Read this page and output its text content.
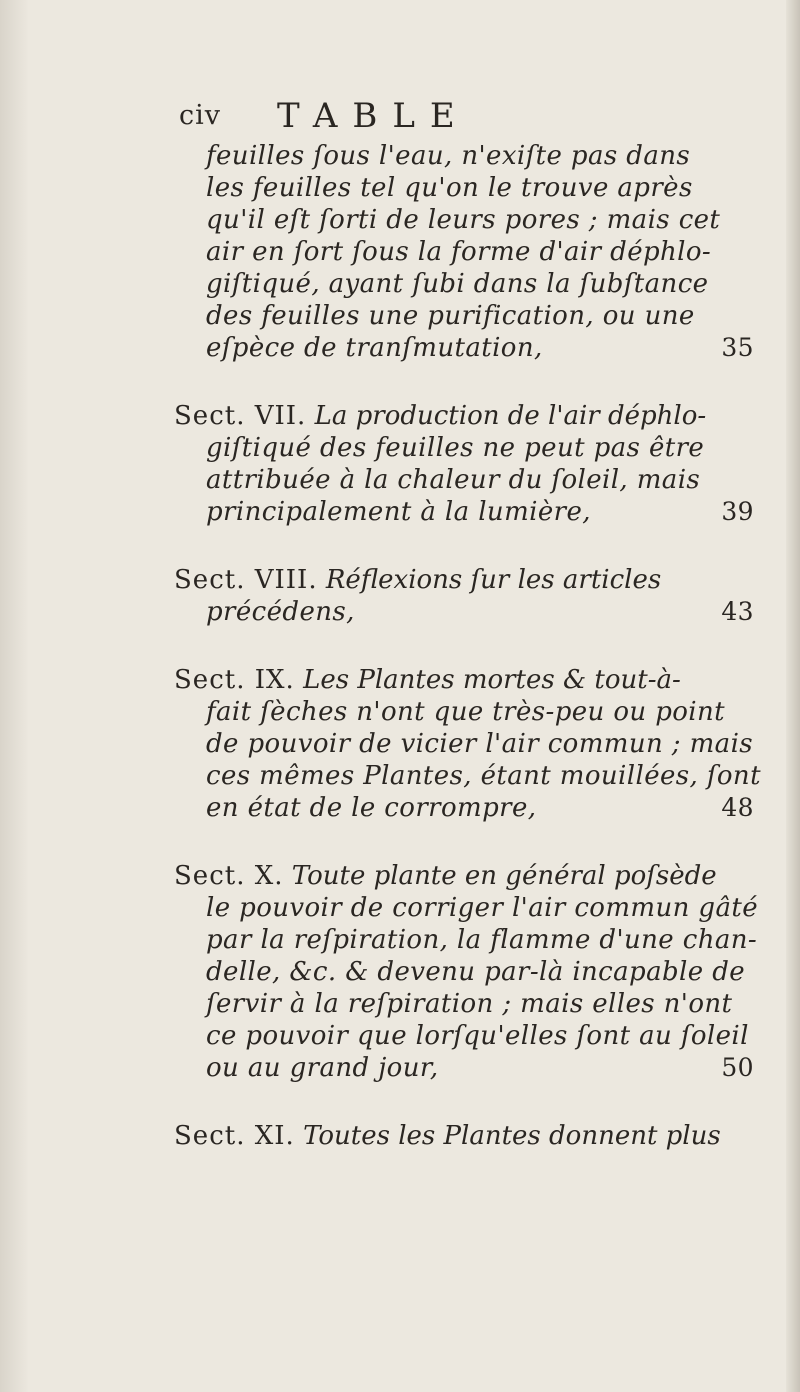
civ TABLE
feuilles ſous l'eau, n'exiſte pas dans
les feuilles tel qu'on le trouve après
qu'il eſt ſorti de leurs pores ; mais cet
air en ſort ſous la forme d'air déphlo-
giſtiqué, ayant ſubi dans la ſubſtance
des feuilles une purification, ou une
eſpèce de tranſmutation,	35
Sect. VII. La production de l'air déphlo-
giſtiqué des feuilles ne peut pas être
attribuée à la chaleur du ſoleil, mais
principalement à la lumière,	39
Sect. VIII. Réflexions ſur les articles
précédens,	43
Sect. IX. Les Plantes mortes & tout-à-
fait ſèches n'ont que très-peu ou point
de pouvoir de vicier l'air commun ; mais
ces mêmes Plantes, étant mouillées, ſont
en état de le corrompre,	48
Sect. X. Toute plante en général poſsède
le pouvoir de corriger l'air commun gâté
par la reſpiration, la flamme d'une chan-
delle, &c. & devenu par-là incapable de
ſervir à la reſpiration ; mais elles n'ont
ce pouvoir que lorſqu'elles ſont au ſoleil
ou au grand jour,	50
Sect. XI. Toutes les Plantes donnent plus
